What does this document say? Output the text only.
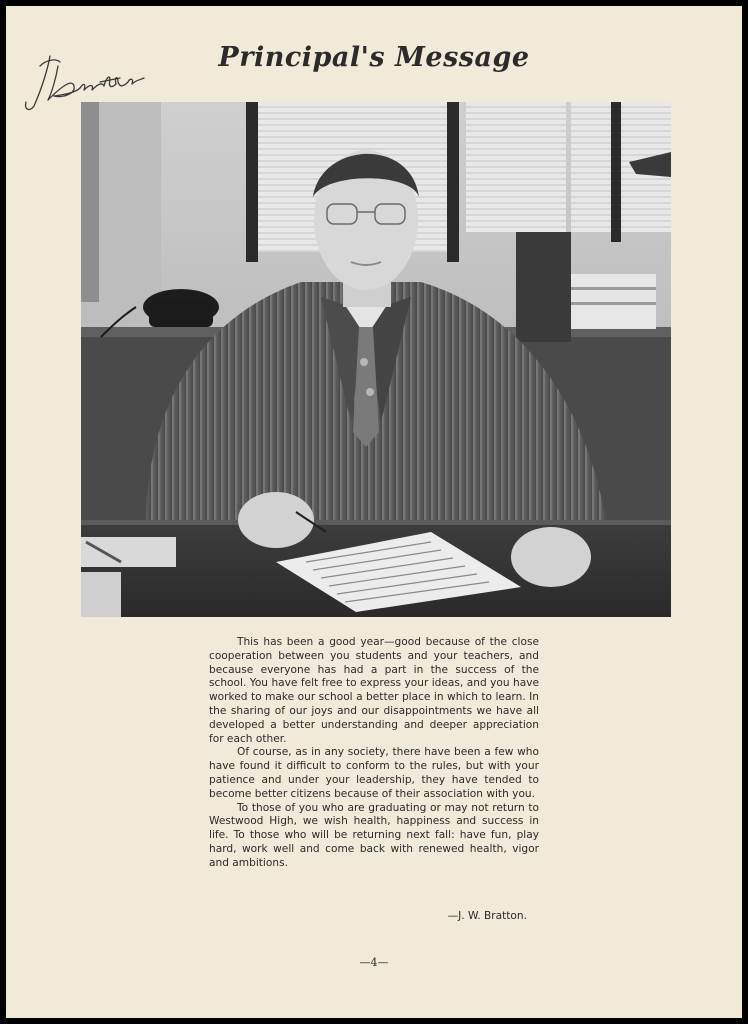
Principal's Message

This has been a good year—good because of the close cooperation between you students and your teachers, and because everyone has had a part in the success of the school. You have felt free to express your ideas, and you have worked to make our school a better place in which to learn. In the sharing of our joys and our disappointments we have all developed a better understanding and deeper appreciation for each other.

Of course, as in any society, there have been a few who have found it difficult to conform to the rules, but with your patience and under your leadership, they have tended to become better citizens because of their association with you.

To those of you who are graduating or may not return to Westwood High, we wish health, happiness and success in life. To those who will be returning next fall: have fun, play hard, work well and come back with renewed health, vigor and ambitions.

—J. W. Bratton.
—4—
